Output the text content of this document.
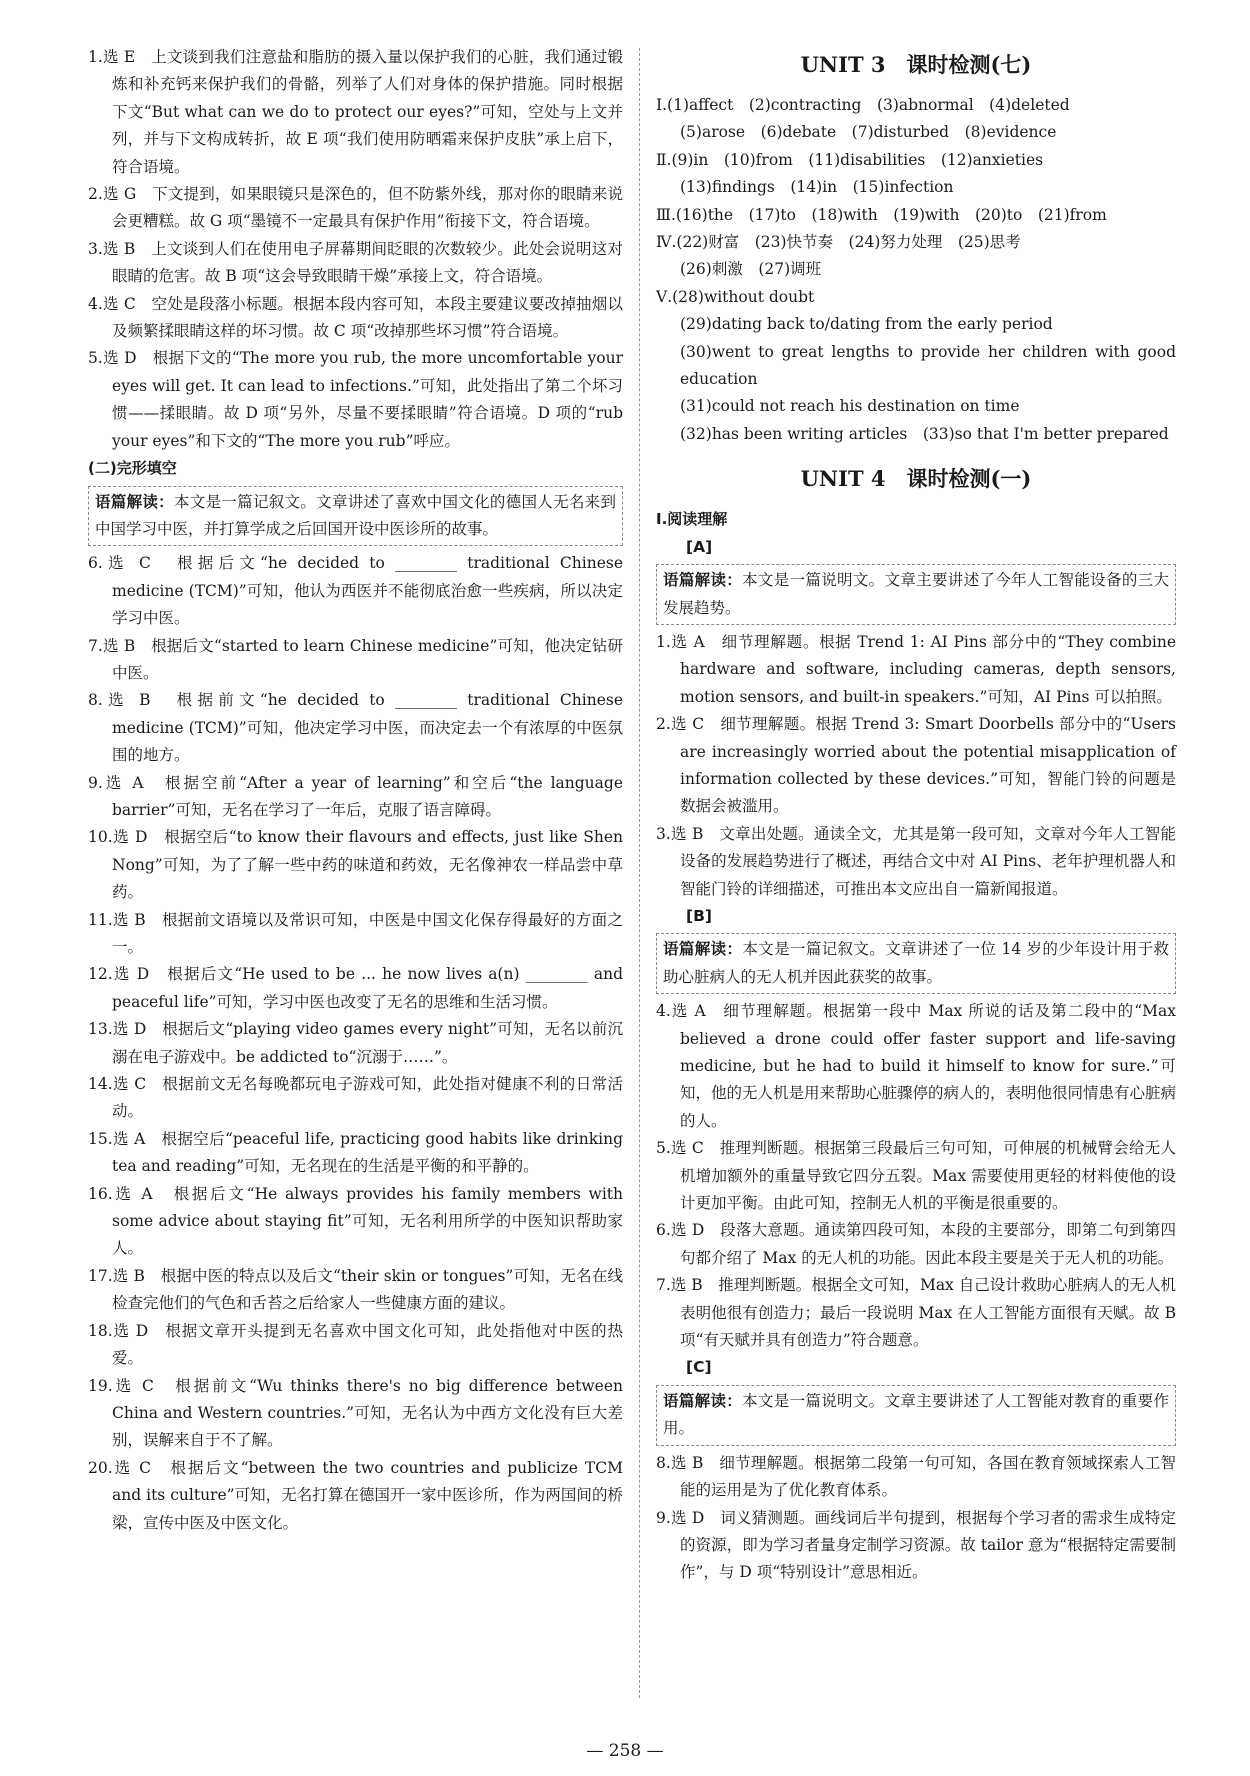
1.选 E　上文谈到我们注意盐和脂肪的摄入量以保护我们的心脏，我们通过锻炼和补充钙来保护我们的骨骼，列举了人们对身体的保护措施。同时根据下文“But what can we do to protect our eyes?”可知，空处与上文并列，并与下文构成转折，故 E 项“我们使用防晒霜来保护皮肤”承上启下，符合语境。
2.选 G　下文提到，如果眼镜只是深色的，但不防紫外线，那对你的眼睛来说会更糟糕。故 G 项“墨镜不一定最具有保护作用”衔接下文，符合语境。
3.选 B　上文谈到人们在使用电子屏幕期间眨眼的次数较少。此处会说明这对眼睛的危害。故 B 项“这会导致眼睛干燥”承接上文，符合语境。
4.选 C　空处是段落小标题。根据本段内容可知，本段主要建议要改掉抽烟以及频繁揉眼睛这样的坏习惯。故 C 项“改掉那些坏习惯”符合语境。
5.选 D　根据下文的“The more you rub, the more uncomfortable your eyes will get. It can lead to infections.”可知，此处指出了第二个坏习惯——揉眼睛。故 D 项“另外，尽量不要揉眼睛”符合语境。D 项的“rub your eyes”和下文的“The more you rub”呼应。
(二)完形填空
语篇解读：本文是一篇记叙文。文章讲述了喜欢中国文化的德国人无名来到中国学习中医，并打算学成之后回国开设中医诊所的故事。
6.选 C　根据后文“he decided to ________ traditional Chinese medicine (TCM)”可知，他认为西医并不能彻底治愈一些疾病，所以决定学习中医。
7.选 B　根据后文“started to learn Chinese medicine”可知，他决定钻研中医。
8.选 B　根据前文“he decided to ________ traditional Chinese medicine (TCM)”可知，他决定学习中医，而决定去一个有浓厚的中医氛围的地方。
9.选 A　根据空前“After a year of learning”和空后“the language barrier”可知，无名在学习了一年后，克服了语言障碍。
10.选 D　根据空后“to know their flavours and effects, just like Shen Nong”可知，为了了解一些中药的味道和药效，无名像神农一样品尝中草药。
11.选 B　根据前文语境以及常识可知，中医是中国文化保存得最好的方面之一。
12.选 D　根据后文“He used to be ... he now lives a(n) ________ and peaceful life”可知，学习中医也改变了无名的思维和生活习惯。
13.选 D　根据后文“playing video games every night”可知，无名以前沉溺在电子游戏中。be addicted to“沉溺于……”。
14.选 C　根据前文无名每晚都玩电子游戏可知，此处指对健康不利的日常活动。
15.选 A　根据空后“peaceful life, practicing good habits like drinking tea and reading”可知，无名现在的生活是平衡的和平静的。
16.选 A　根据后文“He always provides his family members with some advice about staying fit”可知，无名利用所学的中医知识帮助家人。
17.选 B　根据中医的特点以及后文“their skin or tongues”可知，无名在线检查完他们的气色和舌苔之后给家人一些健康方面的建议。
18.选 D　根据文章开头提到无名喜欢中国文化可知，此处指他对中医的热爱。
19.选 C　根据前文“Wu thinks there's no big difference between China and Western countries.”可知，无名认为中西方文化没有巨大差别，误解来自于不了解。
20.选 C　根据后文“between the two countries and publicize TCM and its culture”可知，无名打算在德国开一家中医诊所，作为两国间的桥梁，宣传中医及中医文化。
UNIT 3　课时检测(七)
Ⅰ.(1)affect　(2)contracting　(3)abnormal　(4)deleted
(5)arose　(6)debate　(7)disturbed　(8)evidence
Ⅱ.(9)in　(10)from　(11)disabilities　(12)anxieties
(13)findings　(14)in　(15)infection
Ⅲ.(16)the　(17)to　(18)with　(19)with　(20)to　(21)from
Ⅳ.(22)财富　(23)快节奏　(24)努力处理　(25)思考
(26)刺激　(27)调班
Ⅴ.(28)without doubt
(29)dating back to/dating from the early period
(30)went to great lengths to provide her children with good education
(31)could not reach his destination on time
(32)has been writing articles　(33)so that I'm better prepared
UNIT 4　课时检测(一)
Ⅰ.阅读理解
[A]
语篇解读：本文是一篇说明文。文章主要讲述了今年人工智能设备的三大发展趋势。
1.选 A　细节理解题。根据 Trend 1: AI Pins 部分中的“They combine hardware and software, including cameras, depth sensors, motion sensors, and built-in speakers.”可知，AI Pins 可以拍照。
2.选 C　细节理解题。根据 Trend 3: Smart Doorbells 部分中的“Users are increasingly worried about the potential misapplication of information collected by these devices.”可知，智能门铃的问题是数据会被滥用。
3.选 B　文章出处题。通读全文，尤其是第一段可知，文章对今年人工智能设备的发展趋势进行了概述，再结合文中对 AI Pins、老年护理机器人和智能门铃的详细描述，可推出本文应出自一篇新闻报道。
[B]
语篇解读：本文是一篇记叙文。文章讲述了一位 14 岁的少年设计用于救助心脏病人的无人机并因此获奖的故事。
4.选 A　细节理解题。根据第一段中 Max 所说的话及第二段中的“Max believed a drone could offer faster support and life-saving medicine, but he had to build it himself to know for sure.”可知，他的无人机是用来帮助心脏骤停的病人的，表明他很同情患有心脏病的人。
5.选 C　推理判断题。根据第三段最后三句可知，可伸展的机械臂会给无人机增加额外的重量导致它四分五裂。Max 需要使用更轻的材料使他的设计更加平衡。由此可知，控制无人机的平衡是很重要的。
6.选 D　段落大意题。通读第四段可知，本段的主要部分，即第二句到第四句都介绍了 Max 的无人机的功能。因此本段主要是关于无人机的功能。
7.选 B　推理判断题。根据全文可知，Max 自己设计救助心脏病人的无人机表明他很有创造力；最后一段说明 Max 在人工智能方面很有天赋。故 B 项“有天赋并具有创造力”符合题意。
[C]
语篇解读：本文是一篇说明文。文章主要讲述了人工智能对教育的重要作用。
8.选 B　细节理解题。根据第二段第一句可知，各国在教育领域探索人工智能的运用是为了优化教育体系。
9.选 D　词义猜测题。画线词后半句提到，根据每个学习者的需求生成特定的资源，即为学习者量身定制学习资源。故 tailor 意为“根据特定需要制作”，与 D 项“特别设计”意思相近。
— 258 —
